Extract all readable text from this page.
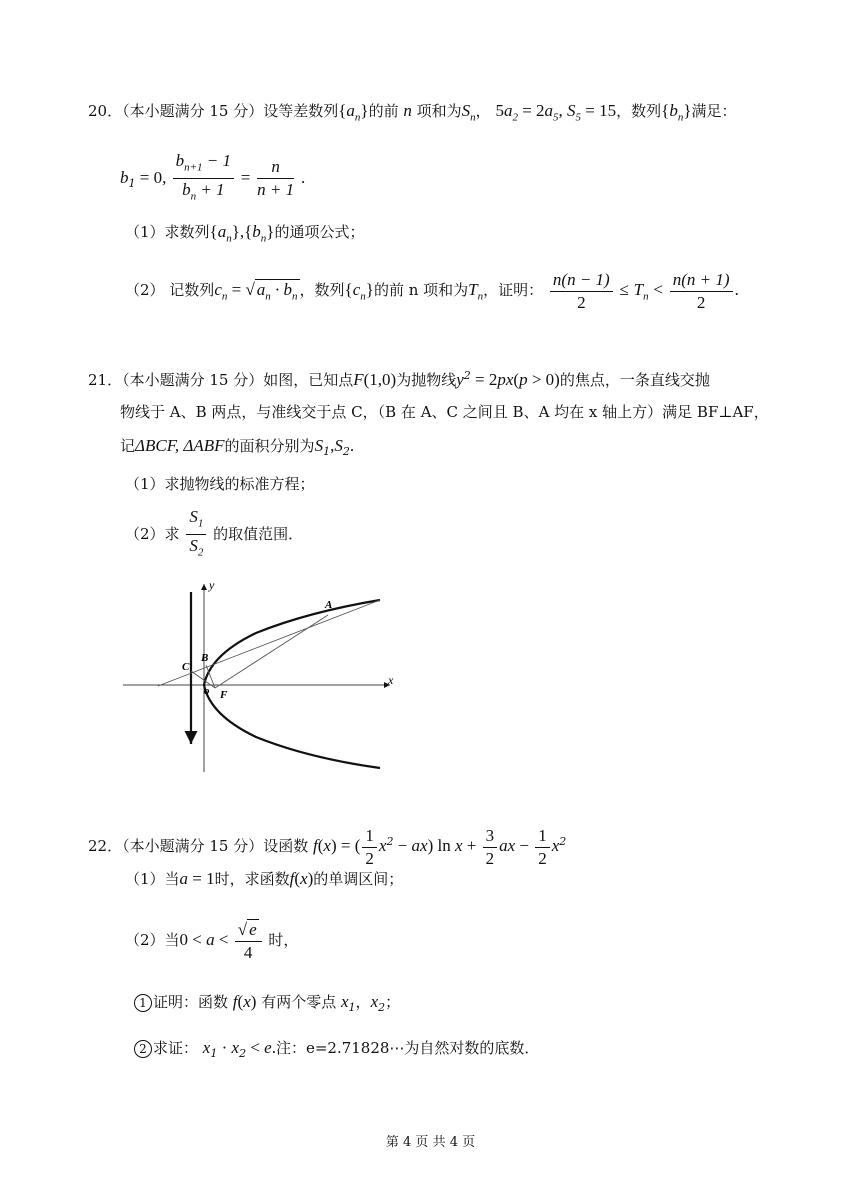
20．（本小题满分 15 分）设等差数列$\{a_n\}$的前 n 项和为$S_n$， $5a_2 = 2a_5$, $S_5 = 15$，数列$\{b_n\}$满足：
$b_1 = 0$, $\frac{b_{n+1} - 1}{b_n + 1} = \frac{n}{n + 1}$ .
（1）求数列$\{a_n\},\{b_n\}$的通项公式；
（2） 记数列$c_n$ = √ $a_n \cdot b_n$ ，数列$\{c_n\}$的前 n 项和为$T_n$，证明： $\frac{n(n - 1)}{2} \le T_n < \frac{n(n + 1)}{2}$ .
21．（本小题满分 15 分）如图，已知点F(1,0)为抛物线$y^2 = 2px(p > 0)$的焦点，一条直线交抛
物线于 A、B 两点，与准线交于点 C，（B 在 A、C 之间且 B、A 均在 x 轴上方）满足 BF⊥AF，
记ΔBCF, ΔABF的面积分别为$S_1,S_2$.
（1）求抛物线的标准方程；
（2）求 $\frac{S_1}{S_2}$ 的取值范围．
y
x
A
B
C
F
o
22．（本小题满分 15 分）设函数 f(x) = ( $\frac{1}{2} x^2 - ax$) $\ln x + \frac{3}{2}$ ax − $\frac{1}{2} x^2$
（1）当a = 1时，求函数f(x)的单调区间；
（2）当$0 < a < \frac{√ e}{4}$ 时，
1 证明：函数 f(x) 有两个零点 $x_1$，$x_2$；
2 求证： $x_1 \cdot x_2 < e$.注：e=2.71828⋯为自然对数的底数．
第 4 页 共 4 页
